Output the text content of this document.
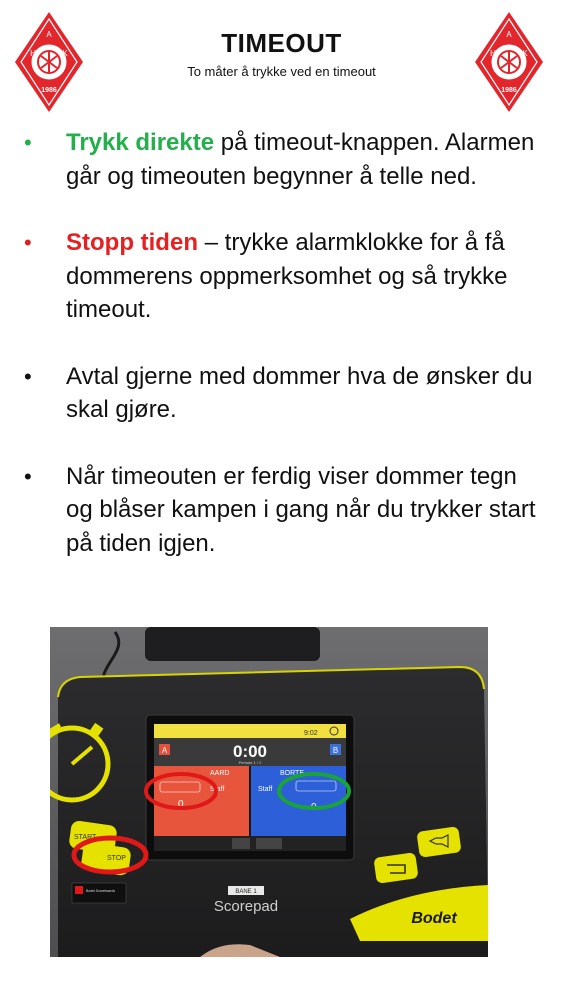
A
H	K
1986
A
H	K
1986
TIMEOUT
To måter å trykke ved en timeout
•	Trykk direkte på timeout-knappen. Alarmen går og timeouten begynner å telle ned.
•	Stopp tiden – trykke alarmklokke for å få dommerens oppmerksomhet og så trykke timeout.
•	Avtal gjerne med dommer hva de ønsker du skal gjøre.
•	Når timeouten er ferdig viser dommer tegn og blåser kampen i gang når du trykker start på tiden igjen.
9:02
0:00
Periode 1 / 2
A	B
AARD	BORTE
Staff	Staff
0	0
START
STOP
Bodet Scoreboards	BANE 1
Scorepad
Bodet
